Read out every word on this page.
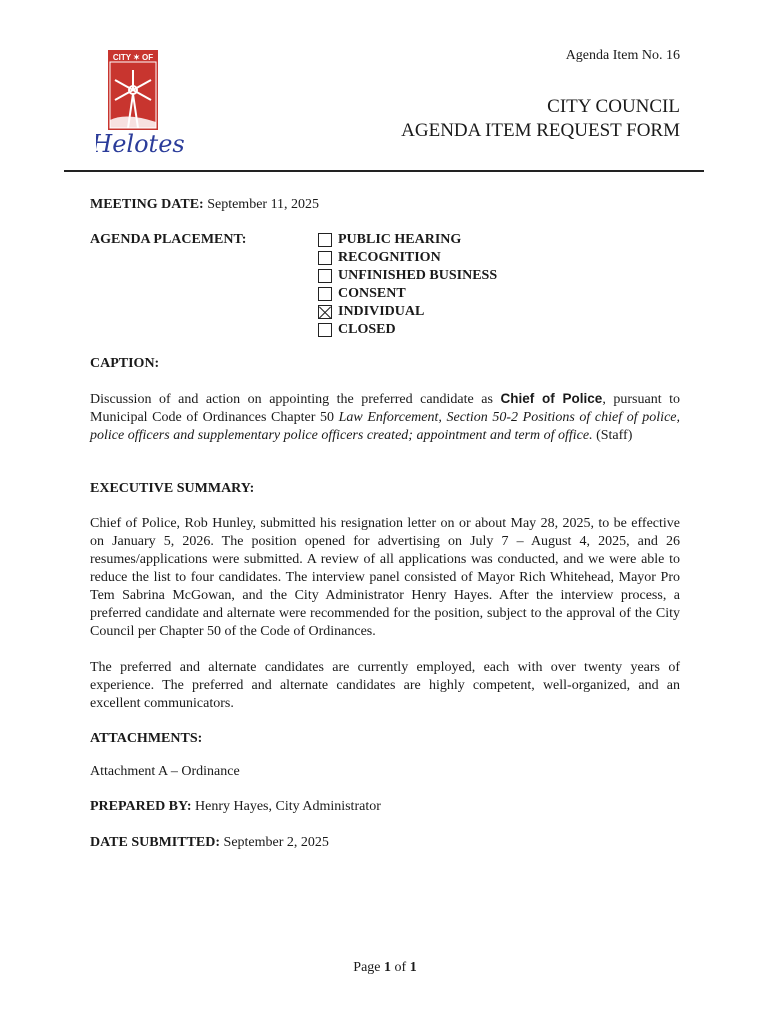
CITY ✶ OF
Helotes
Agenda Item No. 16
CITY COUNCIL
AGENDA ITEM REQUEST FORM
MEETING DATE: September 11, 2025
AGENDA PLACEMENT:	PUBLIC HEARING
RECOGNITION
UNFINISHED BUSINESS
CONSENT
INDIVIDUAL
CLOSED
CAPTION:
Discussion of and action on appointing the preferred candidate as Chief of Police, pursuant to Municipal Code of Ordinances Chapter 50 Law Enforcement, Section 50-2 Positions of chief of police, police officers and supplementary police officers created; appointment and term of office. (Staff)
EXECUTIVE SUMMARY:
Chief of Police, Rob Hunley, submitted his resignation letter on or about May 28, 2025, to be effective on January 5, 2026. The position opened for advertising on July 7 – August 4, 2025, and 26 resumes/applications were submitted. A review of all applications was conducted, and we were able to reduce the list to four candidates. The interview panel consisted of Mayor Rich Whitehead, Mayor Pro Tem Sabrina McGowan, and the City Administrator Henry Hayes. After the interview process, a preferred candidate and alternate were recommended for the position, subject to the approval of the City Council per Chapter 50 of the Code of Ordinances.
The preferred and alternate candidates are currently employed, each with over twenty years of experience. The preferred and alternate candidates are highly competent, well-organized, and an excellent communicators.
ATTACHMENTS:
Attachment A – Ordinance
PREPARED BY: Henry Hayes, City Administrator
DATE SUBMITTED: September 2, 2025
Page 1 of 1
